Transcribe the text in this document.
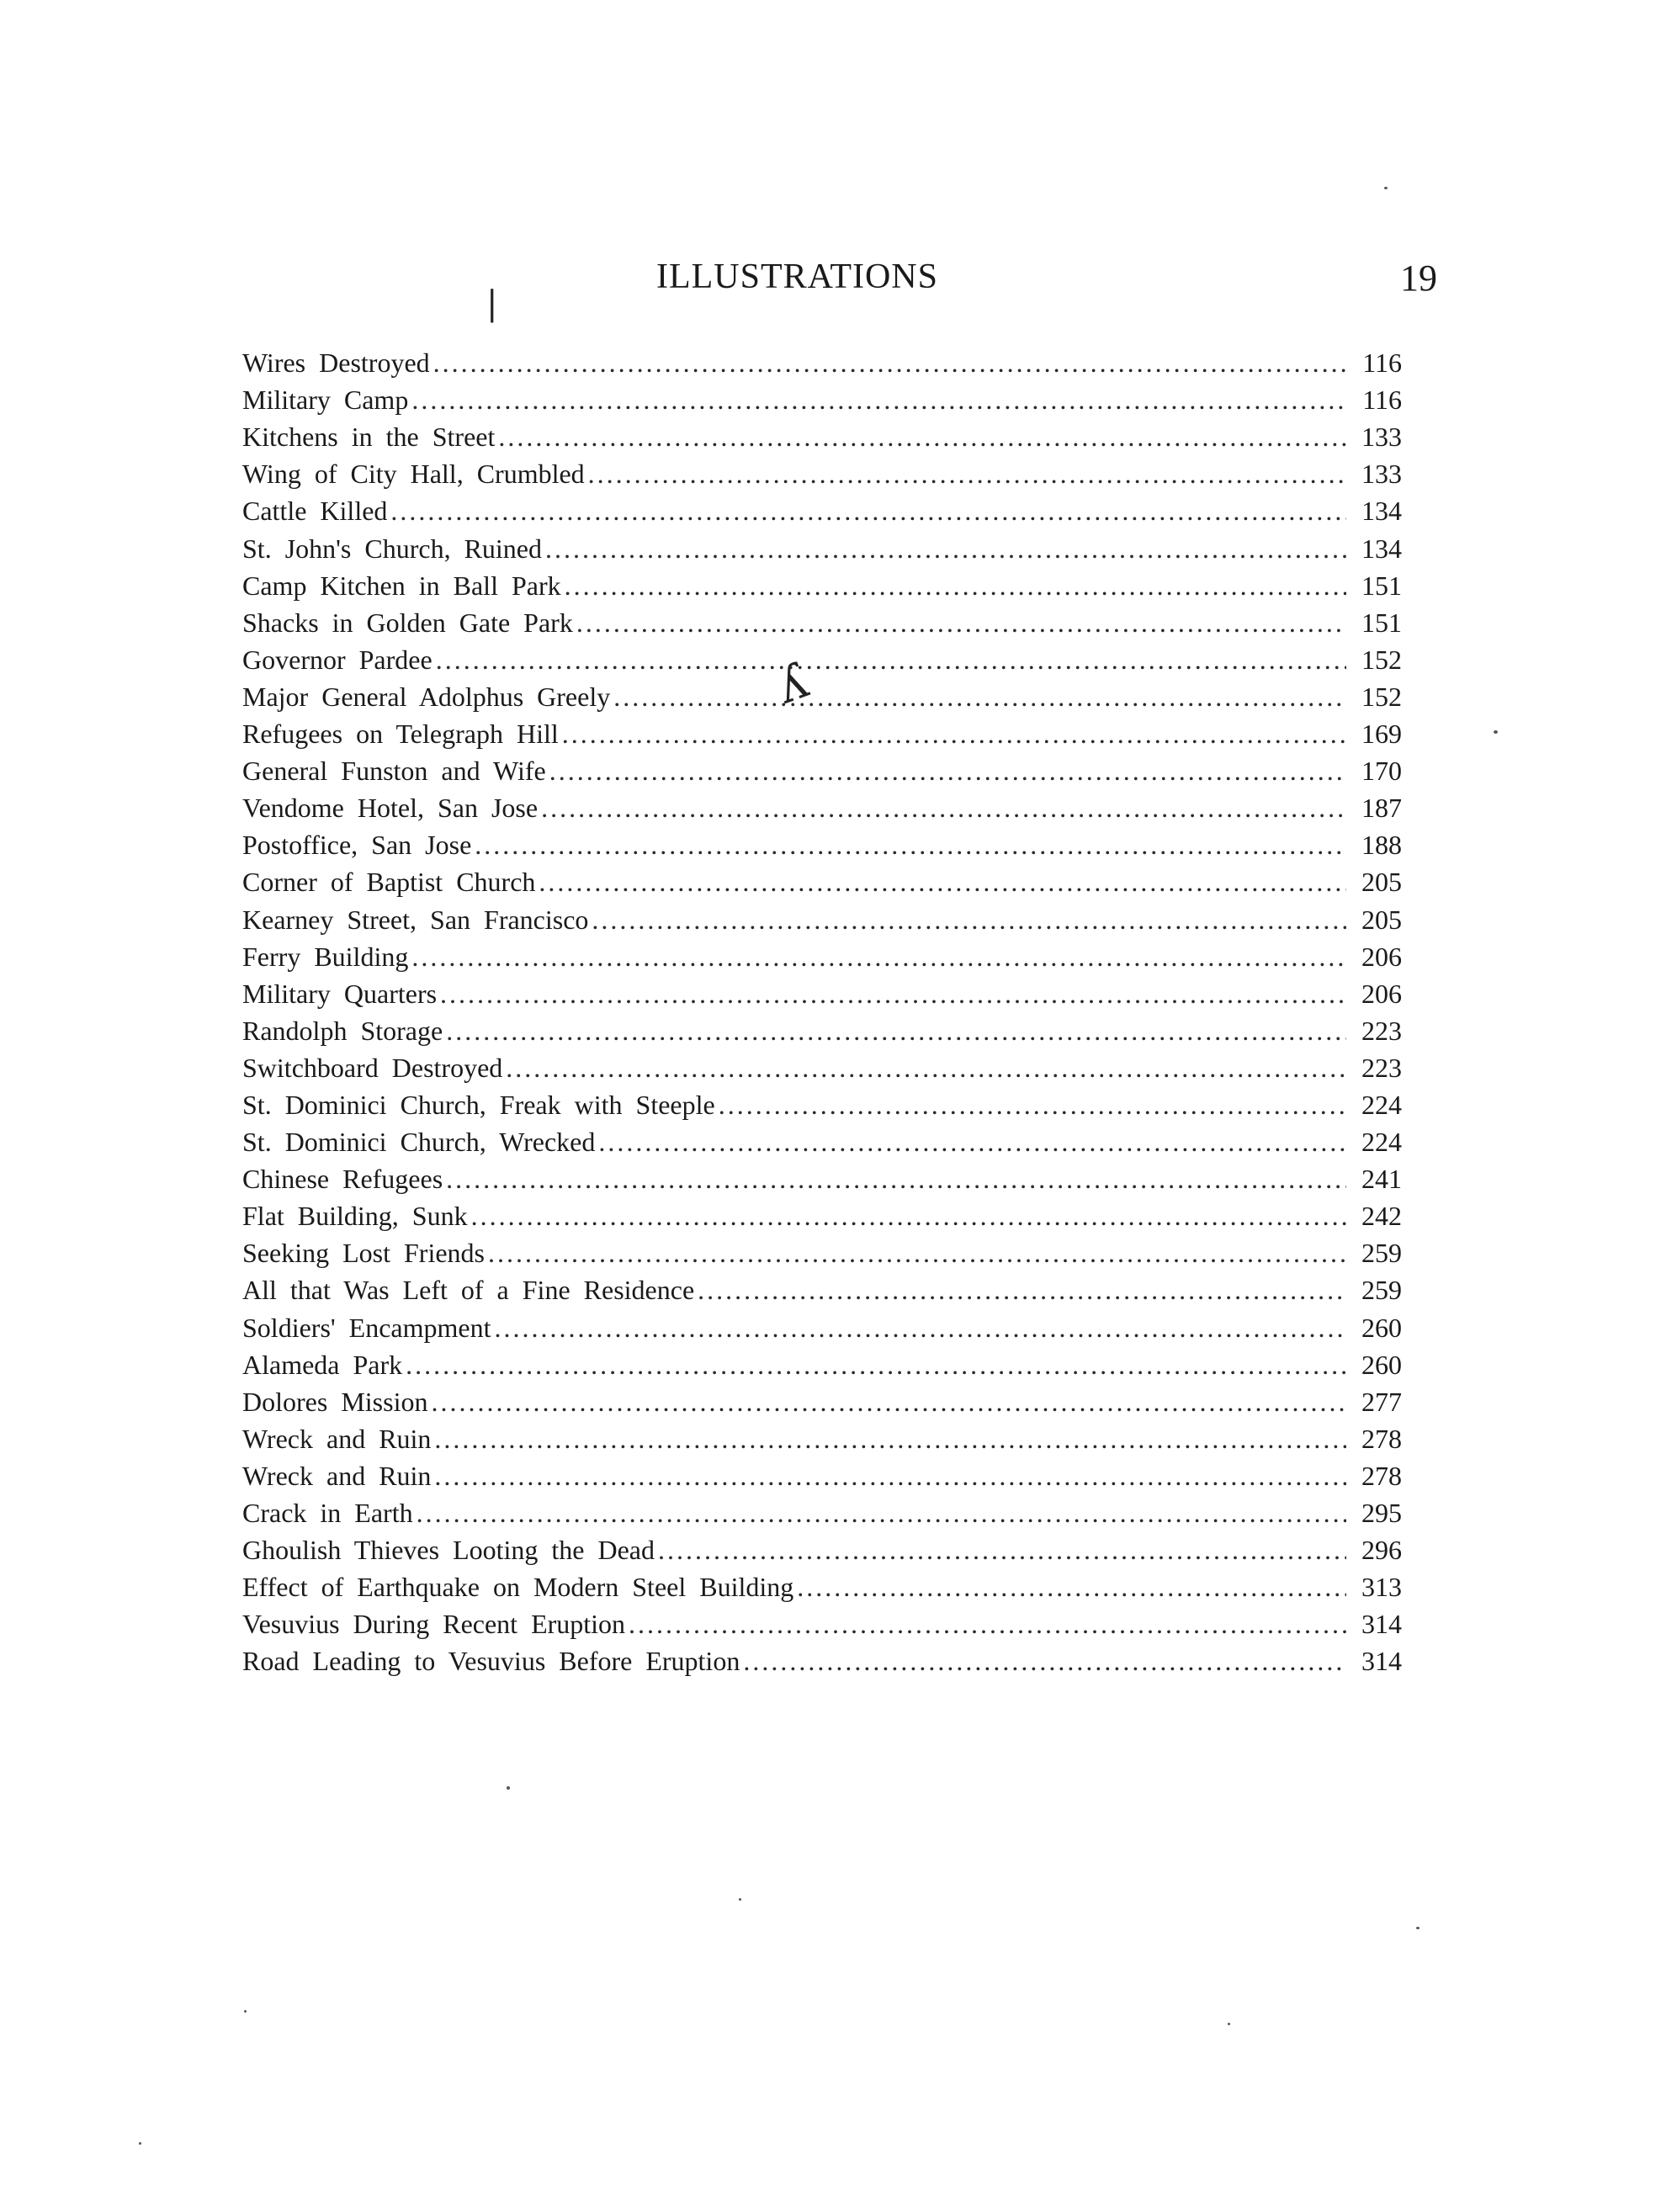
ILLUSTRATIONS	19
|
ʎ
Wires Destroyed .....	116
Military Camp .....	116
Kitchens in the Street .....	133
Wing of City Hall, Crumbled .....	133
Cattle Killed .....	134
St. John's Church, Ruined .....	134
Camp Kitchen in Ball Park .....	151
Shacks in Golden Gate Park .....	151
Governor Pardee .....	152
Major General Adolphus Greely .....	152
Refugees on Telegraph Hill .....	169
General Funston and Wife .....	170
Vendome Hotel, San Jose .....	187
Postoffice, San Jose .....	188
Corner of Baptist Church .....	205
Kearney Street, San Francisco .....	205
Ferry Building .....	206
Military Quarters .....	206
Randolph Storage .....	223
Switchboard Destroyed .....	223
St. Dominici Church, Freak with Steeple .....	224
St. Dominici Church, Wrecked .....	224
Chinese Refugees .....	241
Flat Building, Sunk .....	242
Seeking Lost Friends .....	259
All that Was Left of a Fine Residence .....	259
Soldiers' Encampment .....	260
Alameda Park .....	260
Dolores Mission .....	277
Wreck and Ruin .....	278
Wreck and Ruin .....	278
Crack in Earth .....	295
Ghoulish Thieves Looting the Dead .....	296
Effect of Earthquake on Modern Steel Building .....	313
Vesuvius During Recent Eruption .....	314
Road Leading to Vesuvius Before Eruption .....	314
